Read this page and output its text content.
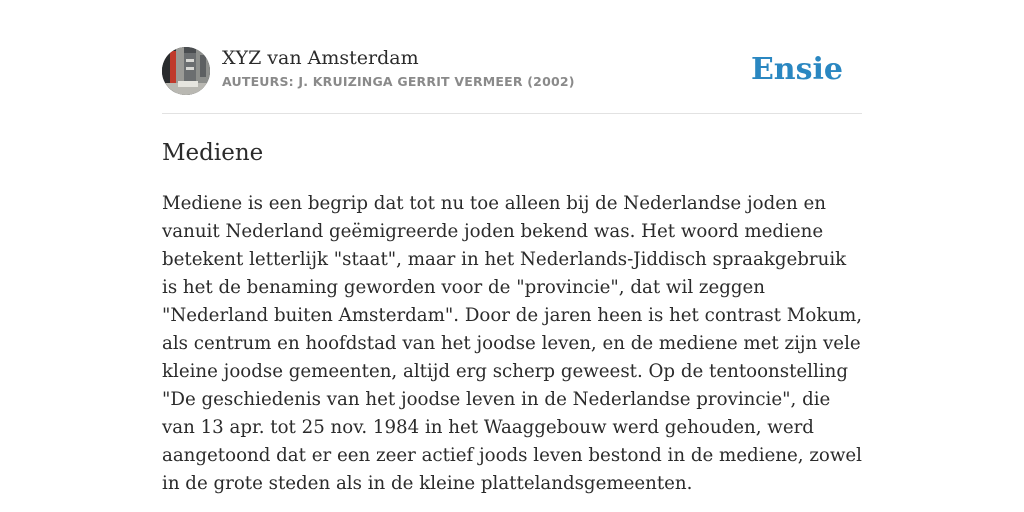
XYZ van Amsterdam
AUTEURS: J. KRUIZINGA GERRIT VERMEER (2002)	Ensie
Mediene

Mediene is een begrip dat tot nu toe alleen bij de Nederlandse joden en vanuit Nederland geëmigreerde joden bekend was. Het woord mediene betekent letterlijk "staat", maar in het Nederlands-Jiddisch spraakgebruik is het de benaming geworden voor de "provincie", dat wil zeggen "Nederland buiten Amsterdam". Door de jaren heen is het contrast Mokum, als centrum en hoofdstad van het joodse leven, en de mediene met zijn vele kleine joodse gemeenten, altijd erg scherp geweest. Op de tentoonstelling "De geschiedenis van het joodse leven in de Nederlandse provincie", die van 13 apr. tot 25 nov. 1984 in het Waaggebouw werd gehouden, werd aangetoond dat er een zeer actief joods leven bestond in de mediene, zowel in de grote steden als in de kleine plattelandsgemeenten.
